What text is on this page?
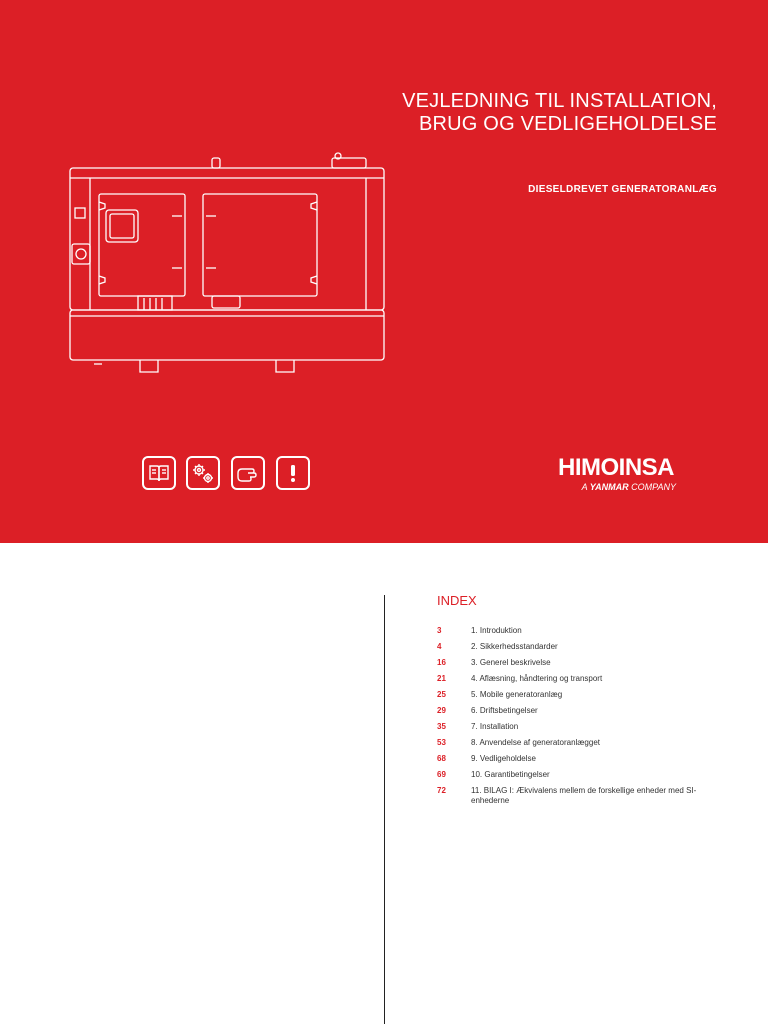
VEJLEDNING TIL INSTALLATION,
BRUG OG VEDLIGEHOLDELSE
DIESELDREVET GENERATORANLÆG
HIMOINSA
A YANMAR COMPANY
INDEX
3	1. Introduktion
4	2. Sikkerhedsstandarder
16	3. Generel beskrivelse
21	4. Aflæsning, håndtering og transport
25	5. Mobile generatoranlæg
29	6. Driftsbetingelser
35	7. Installation
53	8. Anvendelse af generatoranlægget
68	9. Vedligeholdelse
69	10. Garantibetingelser
72	11. BILAG I: Ækvivalens mellem de forskellige enheder med SI-enhederne
